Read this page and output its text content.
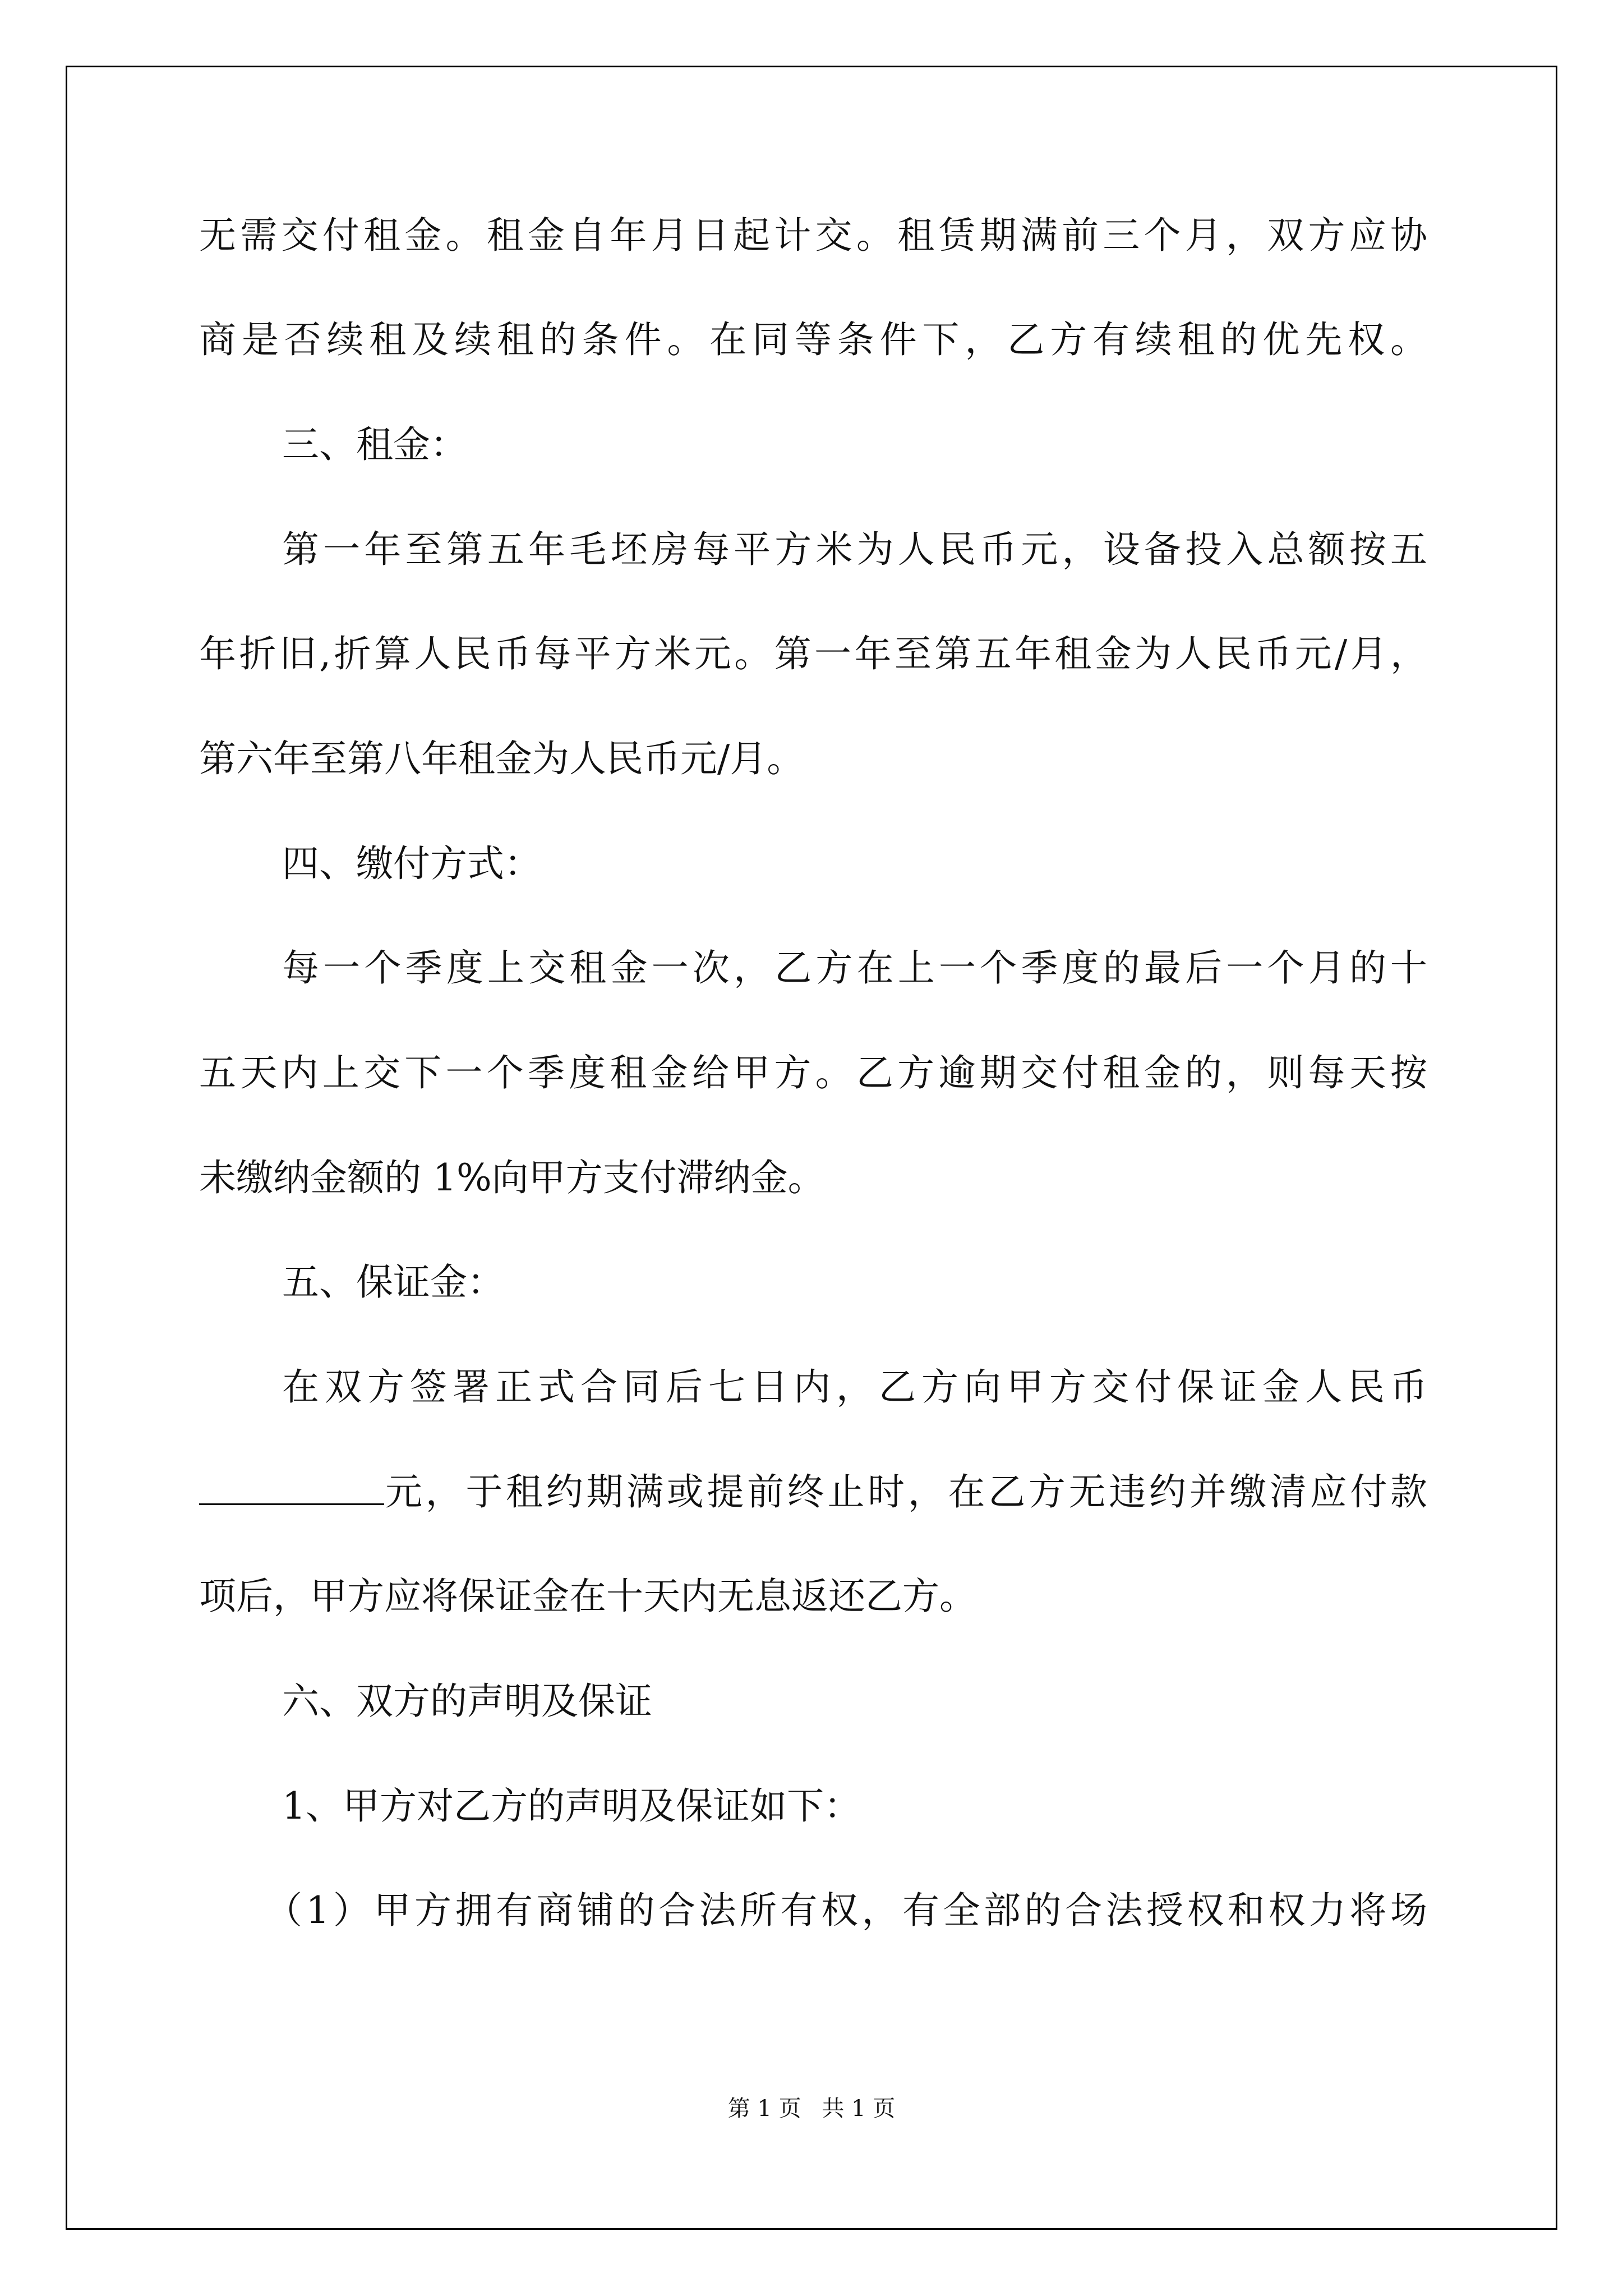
无需交付租金。租金自年月日起计交。租赁期满前三个月，双方应协
商是否续租及续租的条件。在同等条件下，乙方有续租的优先权。
三、租金：
第一年至第五年毛坯房每平方米为人民币元，设备投入总额按五
年折旧,折算人民币每平方米元。第一年至第五年租金为人民币元/月，
第六年至第八年租金为人民币元/月。
四、缴付方式：
每一个季度上交租金一次，乙方在上一个季度的最后一个月的十
五天内上交下一个季度租金给甲方。乙方逾期交付租金的，则每天按
未缴纳金额的 1%向甲方支付滞纳金。
五、保证金：
在双方签署正式合同后七日内，乙方向甲方交付保证金人民币
元，于租约期满或提前终止时，在乙方无违约并缴清应付款
项后，甲方应将保证金在十天内无息返还乙方。
六、双方的声明及保证
1、甲方对乙方的声明及保证如下：
（1）甲方拥有商铺的合法所有权，有全部的合法授权和权力将场
第 1 页 共 1 页
